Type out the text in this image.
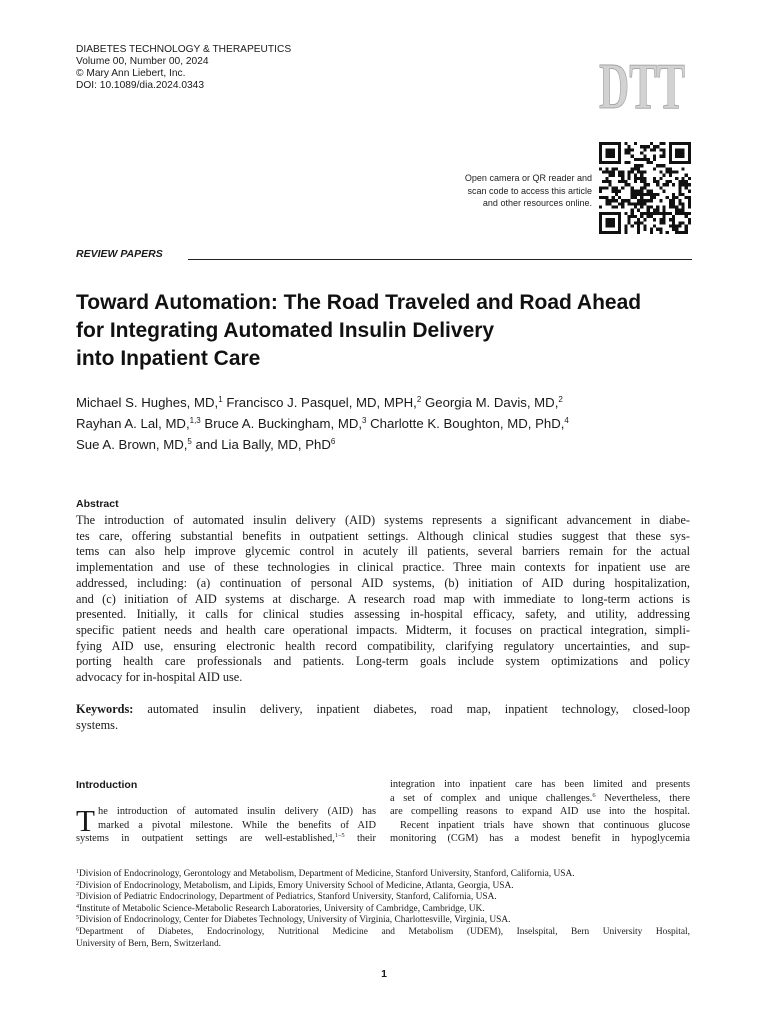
DIABETES TECHNOLOGY & THERAPEUTICS
Volume 00, Number 00, 2024
© Mary Ann Liebert, Inc.
DOI: 10.1089/dia.2024.0343	DTT
Open camera or QR reader and
scan code to access this article
and other resources online.
REVIEW PAPERS
Toward Automation: The Road Traveled and Road Ahead
for Integrating Automated Insulin Delivery
into Inpatient Care
Michael S. Hughes, MD,$^1$ Francisco J. Pasquel, MD, MPH,$^2$ Georgia M. Davis, MD,$^2$
Rayhan A. Lal, MD,$^{1,3}$ Bruce A. Buckingham, MD,$^3$ Charlotte K. Boughton, MD, PhD,$^4$
Sue A. Brown, MD,$^5$ and Lia Bally, MD, PhD$^6$
Abstract
The introduction of automated insulin delivery (AID) systems represents a significant advancement in diabe-
tes care, offering substantial benefits in outpatient settings. Although clinical studies suggest that these sys-
tems can also help improve glycemic control in acutely ill patients, several barriers remain for the actual
implementation and use of these technologies in clinical practice. Three main contexts for inpatient use are
addressed, including: (a) continuation of personal AID systems, (b) initiation of AID during hospitalization,
and (c) initiation of AID systems at discharge. A research road map with immediate to long-term actions is
presented. Initially, it calls for clinical studies assessing in-hospital efficacy, safety, and utility, addressing
specific patient needs and health care operational impacts. Midterm, it focuses on practical integration, simpli-
fying AID use, ensuring electronic health record compatibility, clarifying regulatory uncertainties, and sup-
porting health care professionals and patients. Long-term goals include system optimizations and policy
advocacy for in-hospital AID use.
Keywords: automated insulin delivery, inpatient diabetes, road map, inpatient technology, closed-loop
systems.
Introduction
T he introduction of automated insulin delivery (AID) has
marked a pivotal milestone. While the benefits of AID
systems in outpatient settings are well-established,$^{1-5}$ their
integration into inpatient care has been limited and presents
a set of complex and unique challenges.$^6$ Nevertheless, there
are compelling reasons to expand AID use into the hospital.
Recent inpatient trials have shown that continuous glucose
monitoring (CGM) has a modest benefit in hypoglycemia
$^1$Division of Endocrinology, Gerontology and Metabolism, Department of Medicine, Stanford University, Stanford, California, USA.
$^2$Division of Endocrinology, Metabolism, and Lipids, Emory University School of Medicine, Atlanta, Georgia, USA.
$^3$Division of Pediatric Endocrinology, Department of Pediatrics, Stanford University, Stanford, California, USA.
$^4$Institute of Metabolic Science-Metabolic Research Laboratories, University of Cambridge, Cambridge, UK.
$^5$Division of Endocrinology, Center for Diabetes Technology, University of Virginia, Charlottesville, Virginia, USA.
$^6$Department of Diabetes, Endocrinology, Nutritional Medicine and Metabolism (UDEM), Inselspital, Bern University Hospital,
University of Bern, Bern, Switzerland.
1
